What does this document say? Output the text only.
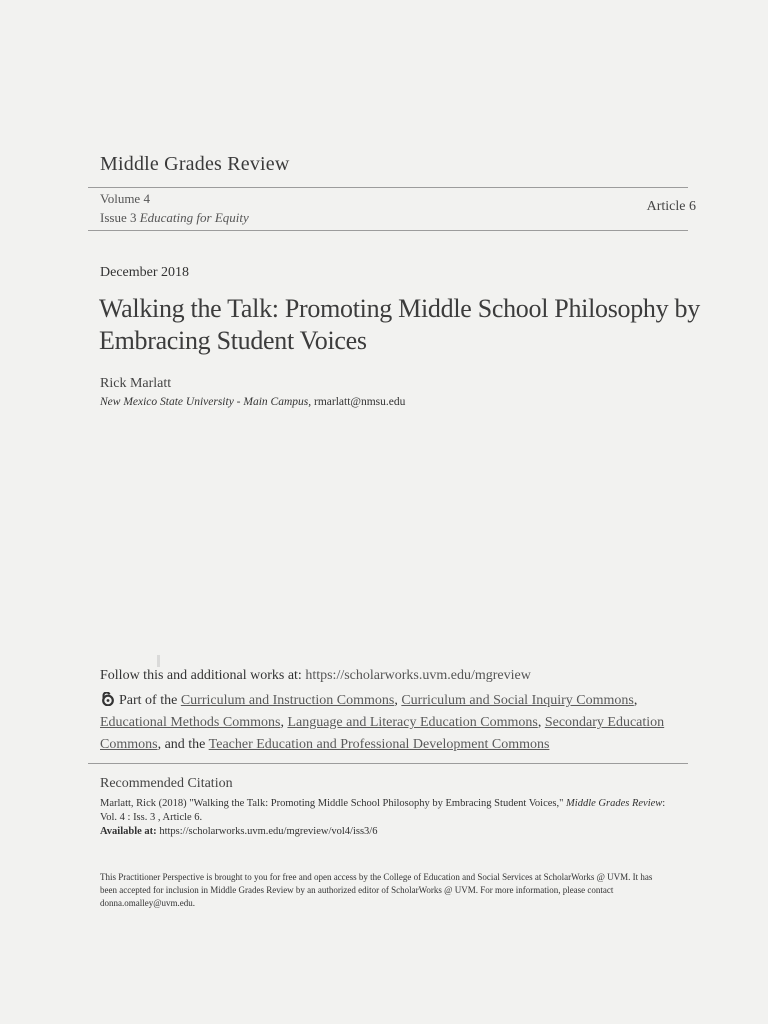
Middle Grades Review
Volume 4
Issue 3 Educating for Equity
Article 6
December 2018
Walking the Talk: Promoting Middle School Philosophy by Embracing Student Voices
Rick Marlatt
New Mexico State University - Main Campus, rmarlatt@nmsu.edu
Follow this and additional works at: https://scholarworks.uvm.edu/mgreview
Part of the Curriculum and Instruction Commons, Curriculum and Social Inquiry Commons, Educational Methods Commons, Language and Literacy Education Commons, Secondary Education Commons, and the Teacher Education and Professional Development Commons
Recommended Citation
Marlatt, Rick (2018) "Walking the Talk: Promoting Middle School Philosophy by Embracing Student Voices," Middle Grades Review: Vol. 4 : Iss. 3 , Article 6.
Available at: https://scholarworks.uvm.edu/mgreview/vol4/iss3/6
This Practitioner Perspective is brought to you for free and open access by the College of Education and Social Services at ScholarWorks @ UVM. It has been accepted for inclusion in Middle Grades Review by an authorized editor of ScholarWorks @ UVM. For more information, please contact donna.omalley@uvm.edu.
